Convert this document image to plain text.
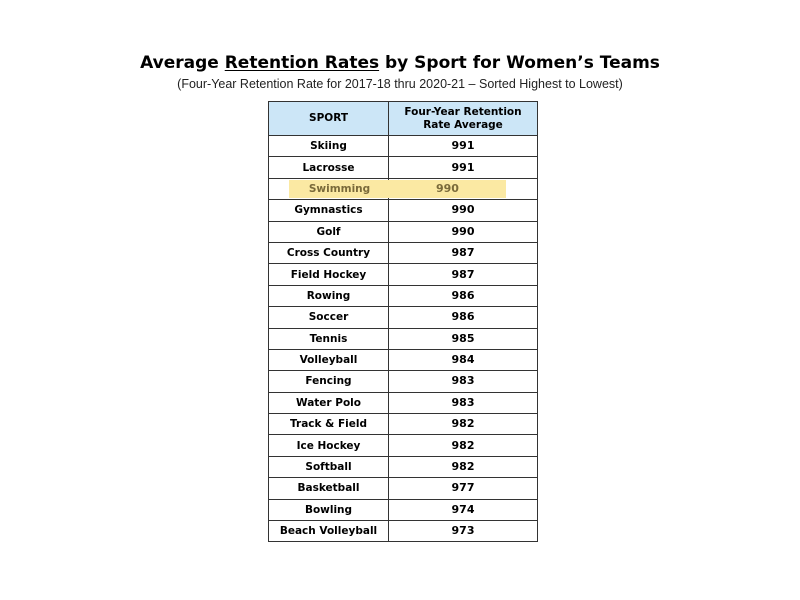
Average Retention Rates by Sport for Women’s Teams
(Four-Year Retention Rate for 2017-18 thru 2020-21 – Sorted Highest to Lowest)
SPORT	Four-Year Retention
Rate Average
Skiing	991
Lacrosse	991
Swimming	990
Gymnastics	990
Golf	990
Cross Country	987
Field Hockey	987
Rowing	986
Soccer	986
Tennis	985
Volleyball	984
Fencing	983
Water Polo	983
Track & Field	982
Ice Hockey	982
Softball	982
Basketball	977
Bowling	974
Beach Volleyball	973
